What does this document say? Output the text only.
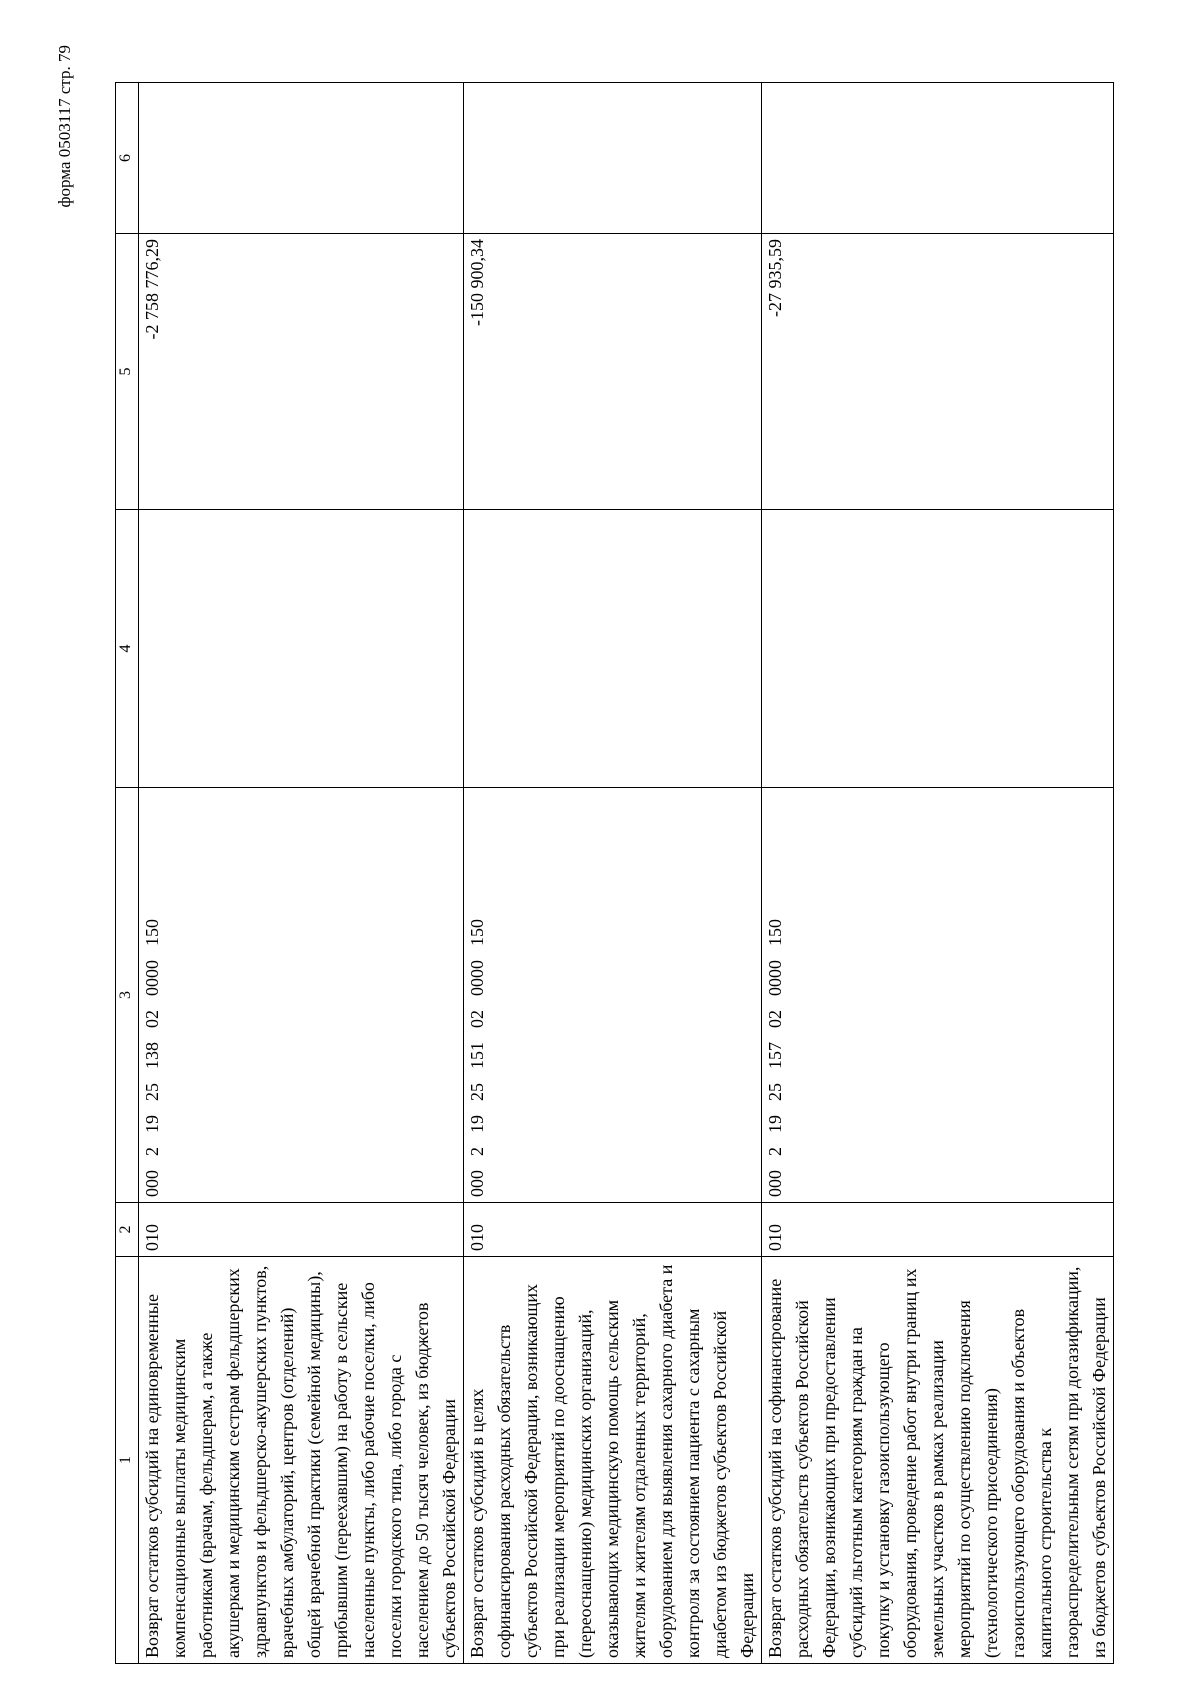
форма 0503117 стр. 79
1	2	3	4	5	6
Возврат остатков субсидий на единовременные компенсационные выплаты медицинским работникам (врачам, фельдшерам, а также акушеркам и медицинским сестрам фельдшерских здравпунктов и фельдшерско-акушерских пунктов, врачебных амбулаторий, центров (отделений) общей врачебной практики (семейной медицины), прибывшим (переехавшим) на работу в сельские населенные пункты, либо рабочие поселки, либо поселки городского типа, либо города с населением до 50 тысяч человек, из бюджетов субъектов Российской Федерации	010	00021925138020000150		-2 758 776,29	
Возврат остатков субсидий в целях софинансирования расходных обязательств субъектов Российской Федерации, возникающих при реализации мероприятий по дооснащению (переоснащению) медицинских организаций, оказывающих медицинскую помощь сельским жителям и жителям отдаленных территорий, оборудованием для выявления сахарного диабета и контроля за состоянием пациента с сахарным диабетом из бюджетов субъектов Российской Федерации	010	00021925151020000150		-150 900,34	
Возврат остатков субсидий на софинансирование расходных обязательств субъектов Российской Федерации, возникающих при предоставлении субсидий льготным категориям граждан на покупку и установку газоиспользующего оборудования, проведение работ внутри границ их земельных участков в рамках реализации мероприятий по осуществлению подключения (технологического присоединения) газоиспользующего оборудования и объектов капитального строительства к газораспределительным сетям при догазификации, из бюджетов субъектов Российской Федерации	010	00021925157020000150		-27 935,59	
